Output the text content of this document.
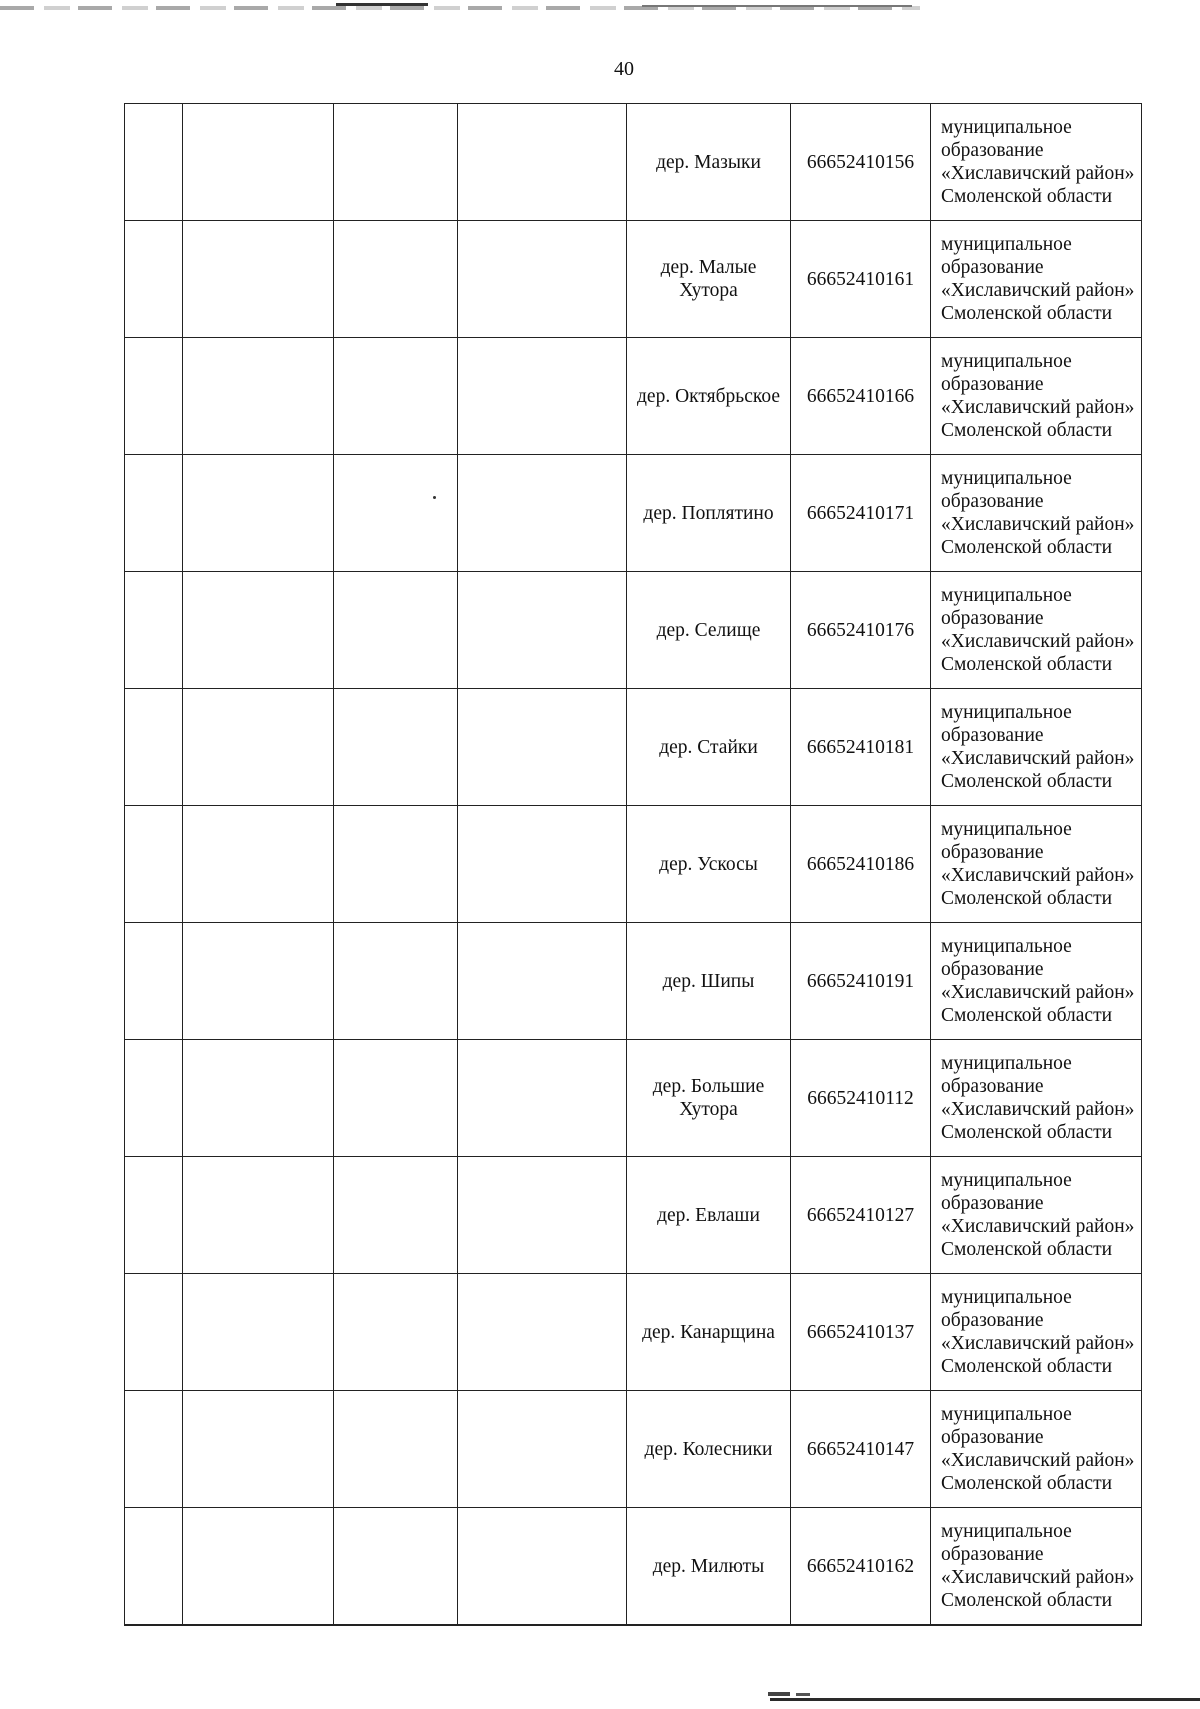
40
				дер. Мазыки	66652410156	муниципальное образование «Хиславичский район» Смоленской области
				дер. Малые Хутора	66652410161	муниципальное образование «Хиславичский район» Смоленской области
				дер. Октябрьское	66652410166	муниципальное образование «Хиславичский район» Смоленской области
				дер. Поплятино	66652410171	муниципальное образование «Хиславичский район» Смоленской области
				дер. Селище	66652410176	муниципальное образование «Хиславичский район» Смоленской области
				дер. Стайки	66652410181	муниципальное образование «Хиславичский район» Смоленской области
				дер. Ускосы	66652410186	муниципальное образование «Хиславичский район» Смоленской области
				дер. Шипы	66652410191	муниципальное образование «Хиславичский район» Смоленской области
				дер. Большие Хутора	66652410112	муниципальное образование «Хиславичский район» Смоленской области
				дер. Евлаши	66652410127	муниципальное образование «Хиславичский район» Смоленской области
				дер. Канарщина	66652410137	муниципальное образование «Хиславичский район» Смоленской области
				дер. Колесники	66652410147	муниципальное образование «Хиславичский район» Смоленской области
				дер. Милюты	66652410162	муниципальное образование «Хиславичский район» Смоленской области
